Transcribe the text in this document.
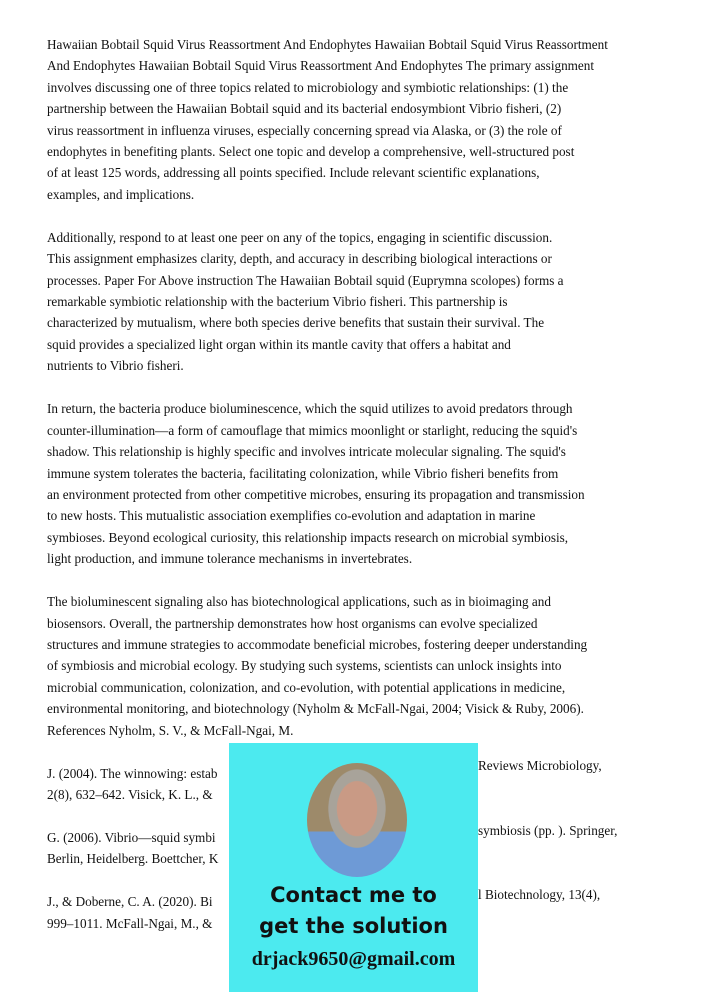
Hawaiian Bobtail Squid Virus Reassortment And Endophytes Hawaiian Bobtail Squid Virus Reassortment
And Endophytes Hawaiian Bobtail Squid Virus Reassortment And Endophytes The primary assignment
involves discussing one of three topics related to microbiology and symbiotic relationships: (1) the
partnership between the Hawaiian Bobtail squid and its bacterial endosymbiont Vibrio fisheri, (2)
virus reassortment in influenza viruses, especially concerning spread via Alaska, or (3) the role of
endophytes in benefiting plants. Select one topic and develop a comprehensive, well-structured post
of at least 125 words, addressing all points specified. Include relevant scientific explanations,
examples, and implications.

Additionally, respond to at least one peer on any of the topics, engaging in scientific discussion.
This assignment emphasizes clarity, depth, and accuracy in describing biological interactions or
processes. Paper For Above instruction The Hawaiian Bobtail squid (Euprymna scolopes) forms a
remarkable symbiotic relationship with the bacterium Vibrio fisheri. This partnership is
characterized by mutualism, where both species derive benefits that sustain their survival. The
squid provides a specialized light organ within its mantle cavity that offers a habitat and
nutrients to Vibrio fisheri.

In return, the bacteria produce bioluminescence, which the squid utilizes to avoid predators through
counter-illumination—a form of camouflage that mimics moonlight or starlight, reducing the squid's
shadow. This relationship is highly specific and involves intricate molecular signaling. The squid's
immune system tolerates the bacteria, facilitating colonization, while Vibrio fisheri benefits from
an environment protected from other competitive microbes, ensuring its propagation and transmission
to new hosts. This mutualistic association exemplifies co-evolution and adaptation in marine
symbioses. Beyond ecological curiosity, this relationship impacts research on microbial symbiosis,
light production, and immune tolerance mechanisms in invertebrates.

The bioluminescent signaling also has biotechnological applications, such as in bioimaging and
biosensors. Overall, the partnership demonstrates how host organisms can evolve specialized
structures and immune strategies to accommodate beneficial microbes, fostering deeper understanding
of symbiosis and microbial ecology. By studying such systems, scientists can unlock insights into
microbial communication, colonization, and co-evolution, with potential applications in medicine,
environmental monitoring, and biotechnology (Nyholm & McFall-Ngai, 2004; Visick & Ruby, 2006).
References Nyholm, S. V., & McFall-Ngai, M.

J. (2004). The winnowing: estab
2(8), 632–642. Visick, K. L., &

G. (2006). Vibrio—squid symbi
Berlin, Heidelberg. Boettcher, K

J., & Doberne, C. A. (2020). Bi
999–1011. McFall-Ngai, M., &

Reviews Microbiology,
symbiosis (pp. ). Springer,
l Biotechnology, 13(4),
Contact me to
get the solution
drjack9650@gmail.com
